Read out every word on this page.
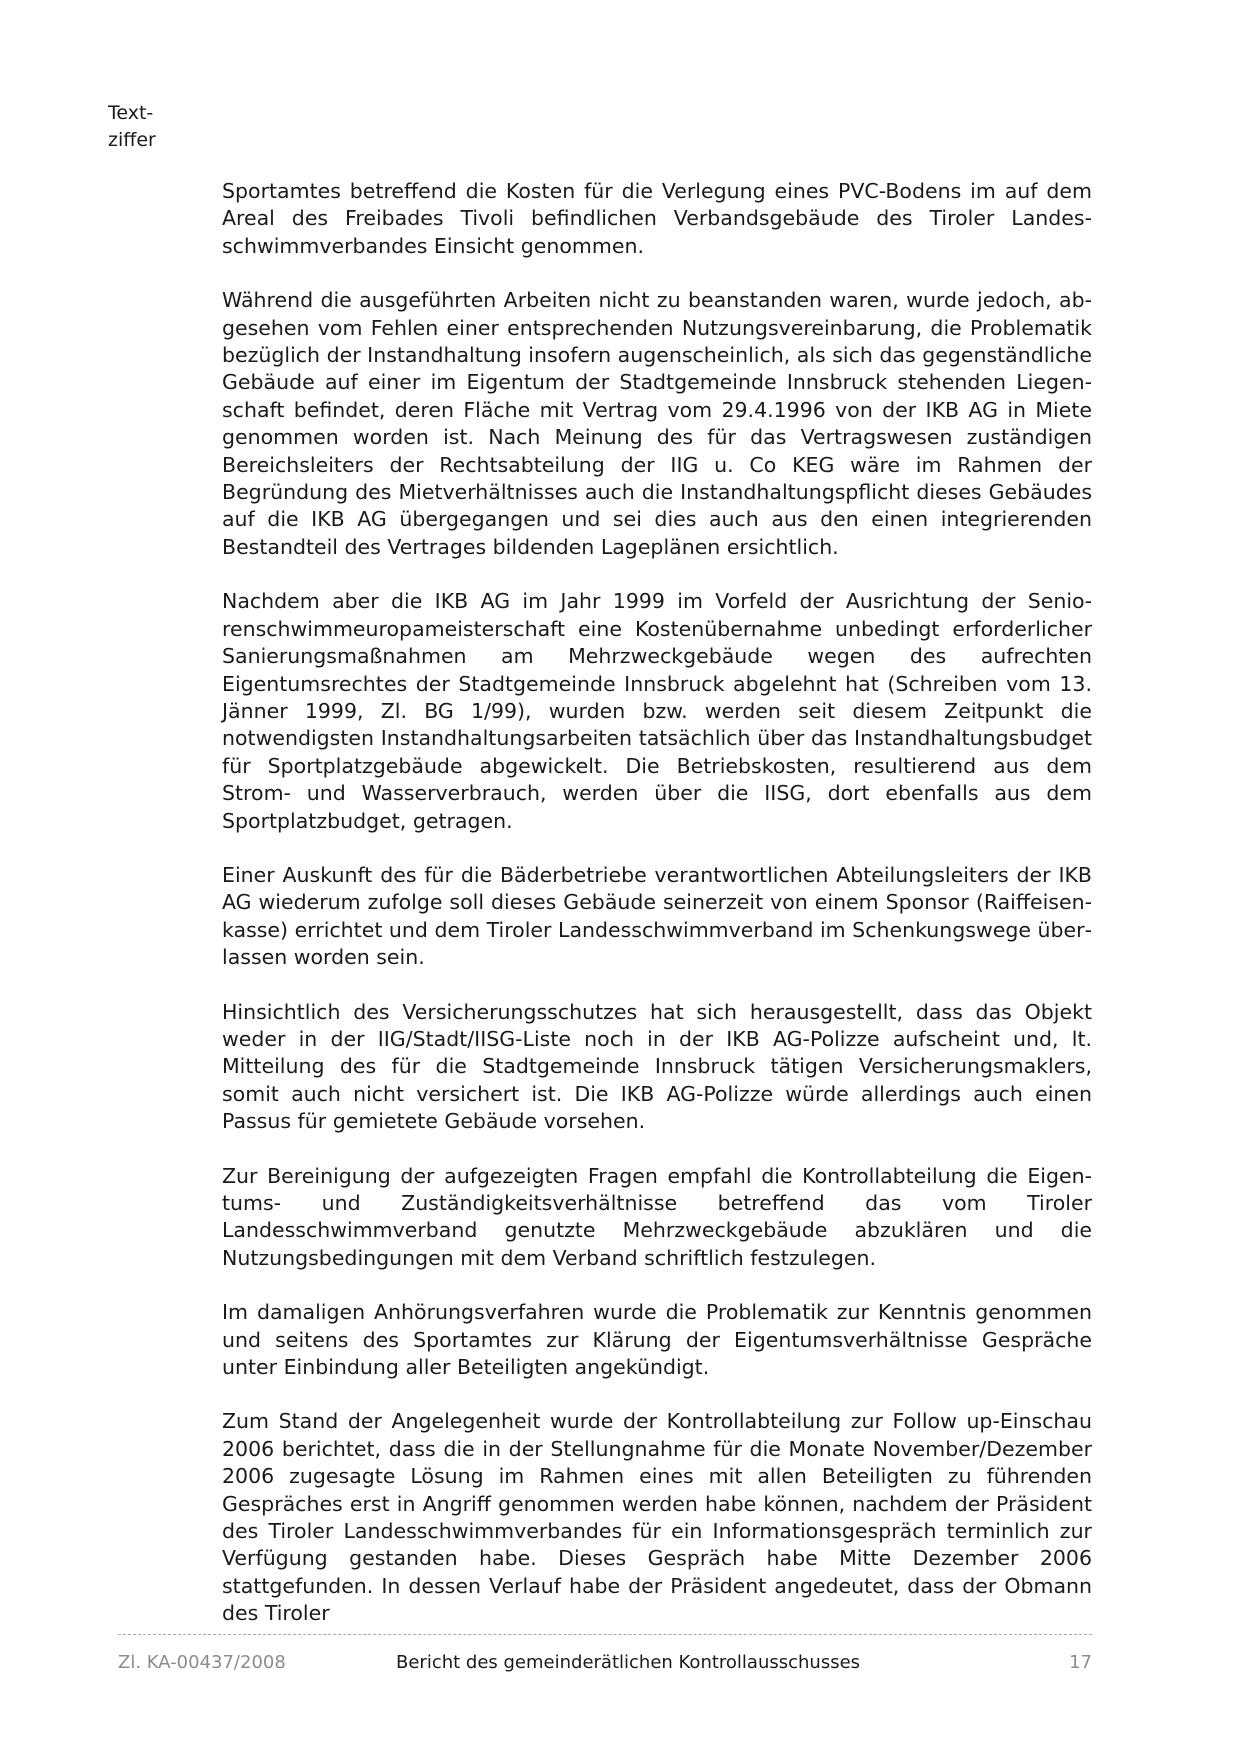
Text-
ziffer

Sportamtes betreffend die Kosten für die Verlegung eines PVC-Bodens im auf dem Areal des Freibades Tivoli befindlichen Verbandsgebäude des Tiroler Landesschwimmverbandes Einsicht genommen.

Während die ausgeführten Arbeiten nicht zu beanstanden waren, wurde jedoch, abgesehen vom Fehlen einer entsprechenden Nutzungsvereinbarung, die Problematik bezüglich der Instandhaltung insofern augenscheinlich, als sich das gegenständliche Gebäude auf einer im Eigentum der Stadtgemeinde Innsbruck stehenden Liegenschaft befindet, deren Fläche mit Vertrag vom 29.4.1996 von der IKB AG in Miete genommen worden ist. Nach Meinung des für das Vertragswesen zuständigen Bereichsleiters der Rechtsabteilung der IIG u. Co KEG wäre im Rahmen der Begründung des Mietverhältnisses auch die Instandhaltungspflicht dieses Gebäudes auf die IKB AG übergegangen und sei dies auch aus den einen integrierenden Bestandteil des Vertrages bildenden Lageplänen ersichtlich.

Nachdem aber die IKB AG im Jahr 1999 im Vorfeld der Ausrichtung der Seniorenschwimmeuropameisterschaft eine Kostenübernahme unbedingt erforderlicher Sanierungsmaßnahmen am Mehrzweckgebäude wegen des aufrechten Eigentumsrechtes der Stadtgemeinde Innsbruck abgelehnt hat (Schreiben vom 13. Jänner 1999, Zl. BG 1/99), wurden bzw. werden seit diesem Zeitpunkt die notwendigsten Instandhaltungsarbeiten tatsächlich über das Instandhaltungsbudget für Sportplatzgebäude abgewickelt. Die Betriebskosten, resultierend aus dem Strom- und Wasserverbrauch, werden über die IISG, dort ebenfalls aus dem Sportplatzbudget, getragen.

Einer Auskunft des für die Bäderbetriebe verantwortlichen Abteilungsleiters der IKB AG wiederum zufolge soll dieses Gebäude seinerzeit von einem Sponsor (Raiffeisenkasse) errichtet und dem Tiroler Landesschwimmverband im Schenkungswege überlassen worden sein.

Hinsichtlich des Versicherungsschutzes hat sich herausgestellt, dass das Objekt weder in der IIG/Stadt/IISG-Liste noch in der IKB AG-Polizze aufscheint und, lt. Mitteilung des für die Stadtgemeinde Innsbruck tätigen Versicherungsmaklers, somit auch nicht versichert ist. Die IKB AG-Polizze würde allerdings auch einen Passus für gemietete Gebäude vorsehen.

Zur Bereinigung der aufgezeigten Fragen empfahl die Kontrollabteilung die Eigentums- und Zuständigkeitsverhältnisse betreffend das vom Tiroler Landesschwimmverband genutzte Mehrzweckgebäude abzuklären und die Nutzungsbedingungen mit dem Verband schriftlich festzulegen.

Im damaligen Anhörungsverfahren wurde die Problematik zur Kenntnis genommen und seitens des Sportamtes zur Klärung der Eigentumsverhältnisse Gespräche unter Einbindung aller Beteiligten angekündigt.

Zum Stand der Angelegenheit wurde der Kontrollabteilung zur Follow up-Einschau 2006 berichtet, dass die in der Stellungnahme für die Monate November/Dezember 2006 zugesagte Lösung im Rahmen eines mit allen Beteiligten zu führenden Gespräches erst in Angriff genommen werden habe können, nachdem der Präsident des Tiroler Landesschwimmverbandes für ein Informationsgespräch terminlich zur Verfügung gestanden habe. Dieses Gespräch habe Mitte Dezember 2006 stattgefunden. In dessen Verlauf habe der Präsident angedeutet, dass der Obmann des Tiroler

Zl. KA-00437/2008	Bericht des gemeinderätlichen Kontrollausschusses	17
